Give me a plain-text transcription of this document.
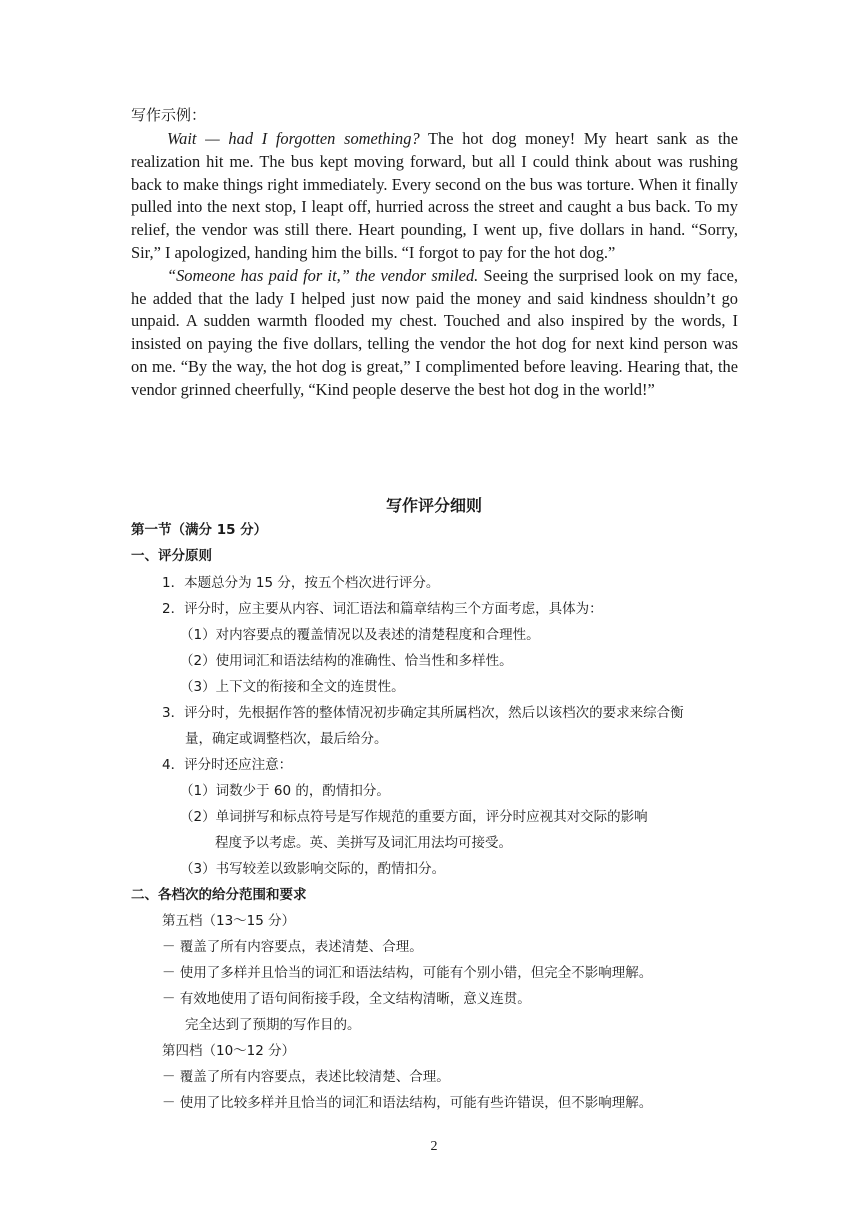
写作示例：

Wait — had I forgotten something? The hot dog money! My heart sank as the realization hit me. The bus kept moving forward, but all I could think about was rushing back to make things right immediately. Every second on the bus was torture. When it finally pulled into the next stop, I leapt off, hurried across the street and caught a bus back. To my relief, the vendor was still there. Heart pounding, I went up, five dollars in hand. “Sorry, Sir,” I apologized, handing him the bills. “I forgot to pay for the hot dog.”

“Someone has paid for it,” the vendor smiled. Seeing the surprised look on my face, he added that the lady I helped just now paid the money and said kindness shouldn’t go unpaid. A sudden warmth flooded my chest. Touched and also inspired by the words, I insisted on paying the five dollars, telling the vendor the hot dog for next kind person was on me. “By the way, the hot dog is great,” I complimented before leaving. Hearing that, the vendor grinned cheerfully, “Kind people deserve the best hot dog in the world!”

写作评分细则
第一节（满分 15 分）
一、评分原则
1．本题总分为 15 分，按五个档次进行评分。
2．评分时，应主要从内容、词汇语法和篇章结构三个方面考虑，具体为：
（1）对内容要点的覆盖情况以及表述的清楚程度和合理性。
（2）使用词汇和语法结构的准确性、恰当性和多样性。
（3）上下文的衔接和全文的连贯性。
3．评分时，先根据作答的整体情况初步确定其所属档次，然后以该档次的要求来综合衡
量，确定或调整档次，最后给分。
4．评分时还应注意：
（1）词数少于 60 的，酌情扣分。
（2）单词拼写和标点符号是写作规范的重要方面，评分时应视其对交际的影响
程度予以考虑。英、美拼写及词汇用法均可接受。
（3）书写较差以致影响交际的，酌情扣分。
二、各档次的给分范围和要求
第五档（13～15 分）
－ 覆盖了所有内容要点，表述清楚、合理。
－ 使用了多样并且恰当的词汇和语法结构，可能有个别小错，但完全不影响理解。
－ 有效地使用了语句间衔接手段，全文结构清晰，意义连贯。
完全达到了预期的写作目的。
第四档（10～12 分）
－ 覆盖了所有内容要点，表述比较清楚、合理。
－ 使用了比较多样并且恰当的词汇和语法结构，可能有些许错误，但不影响理解。
2
